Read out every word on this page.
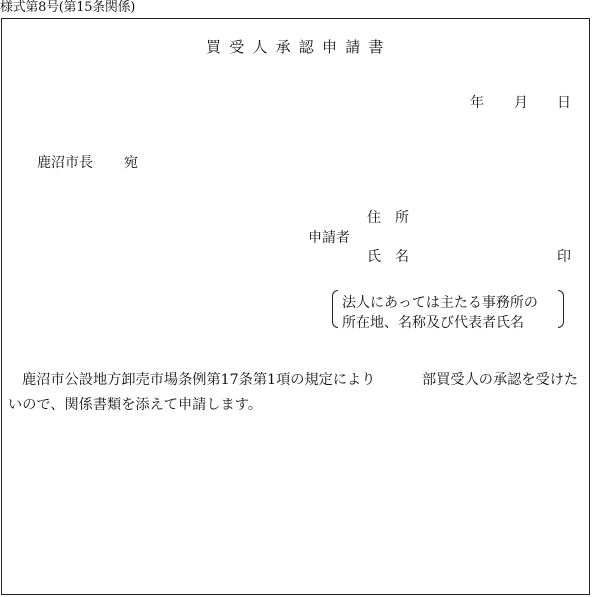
様式第8号(第15条関係)
買受人承認申請書
年 月 日
鹿沼市長 宛
住　所
申請者
氏　名	印
法人にあっては主たる事務所の
所在地、名称及び代表者氏名
鹿沼市公設地方卸売市場条例第17条第1項の規定により	部買受人の承認を受けた
いので、関係書類を添えて申請します。
